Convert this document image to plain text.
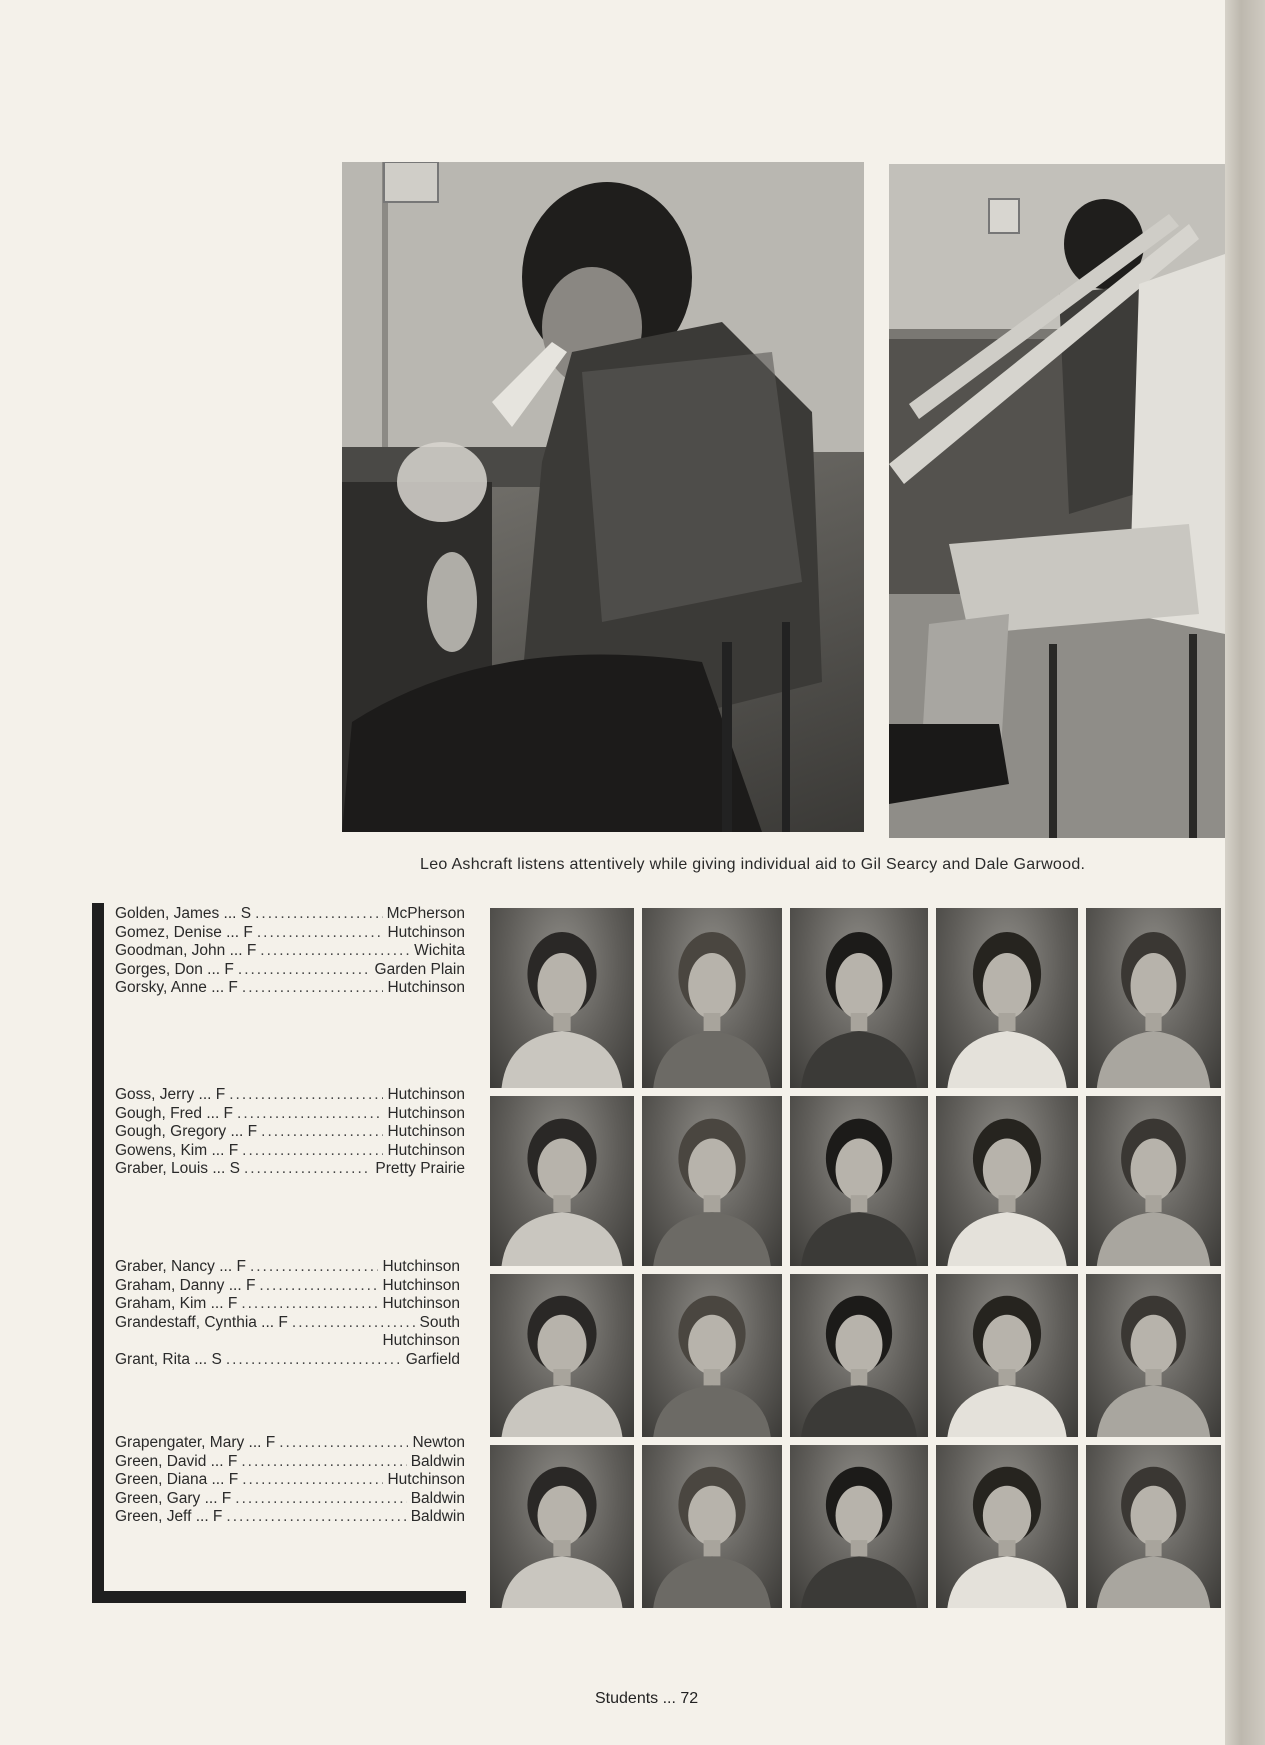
Leo Ashcraft listens attentively while giving individual aid to Gil Searcy and Dale Garwood.
Golden, James ... S .....	McPherson
Gomez, Denise ... F .....	Hutchinson
Goodman, John ... F .....	Wichita
Gorges, Don ... F .....	Garden Plain
Gorsky, Anne ... F .....	Hutchinson
Goss, Jerry ... F .....	Hutchinson
Gough, Fred ... F .....	Hutchinson
Gough, Gregory ... F .....	Hutchinson
Gowens, Kim ... F .....	Hutchinson
Graber, Louis ... S .....	Pretty Prairie
Graber, Nancy ... F .....	Hutchinson
Graham, Danny ... F .....	Hutchinson
Graham, Kim ... F .....	Hutchinson
Grandestaff, Cynthia ... F .....	South
Hutchinson
Grant, Rita ... S .....	Garfield
Grapengater, Mary ... F .....	Newton
Green, David ... F .....	Baldwin
Green, Diana ... F .....	Hutchinson
Green, Gary ... F .....	Baldwin
Green, Jeff ... F .....	Baldwin
Students ... 72
